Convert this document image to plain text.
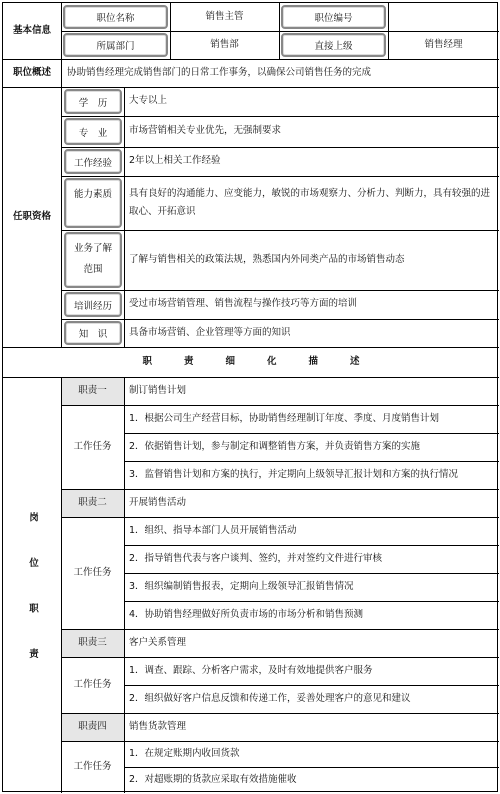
基本信息
职位名称	销售主管	职位编号
所属部门	销售部	直接上级	销售经理
职位概述	协助销售经理完成销售部门的日常工作事务，以确保公司销售任务的完成
任职资格
学　历	大专以上
专　业	市场营销相关专业优先，无强制要求
工作经验	2年以上相关工作经验
能力素质	具有良好的沟通能力、应变能力，敏锐的市场观察力、分析力、判断力，具有较强的进取心、开拓意识
业务了解范围
了解与销售相关的政策法规，熟悉国内外同类产品的市场销售动态
培训经历	受过市场营销管理、销售流程与操作技巧等方面的培训
知　识	具备市场营销、企业管理等方面的知识
职责细化描述
岗位职责
职责一	制订销售计划
工作任务
1．根据公司生产经营目标，协助销售经理制订年度、季度、月度销售计划
2．依据销售计划，参与制定和调整销售方案，并负责销售方案的实施
3．监督销售计划和方案的执行，并定期向上级领导汇报计划和方案的执行情况
职责二	开展销售活动
工作任务
1．组织、指导本部门人员开展销售活动
2．指导销售代表与客户谈判、签约，并对签约文件进行审核
3．组织编制销售报表，定期向上级领导汇报销售情况
4．协助销售经理做好所负责市场的市场分析和销售预测
职责三	客户关系管理
工作任务
1．调查、跟踪、分析客户需求，及时有效地提供客户服务
2．组织做好客户信息反馈和传递工作，妥善处理客户的意见和建议
职责四	销售货款管理
工作任务
1．在规定账期内收回货款
2．对超账期的货款应采取有效措施催收
